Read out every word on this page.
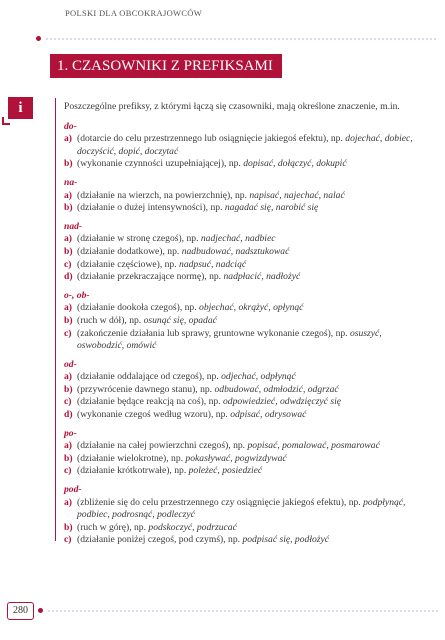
POLSKI DLA OBCOKRAJOWCÓW
1. CZASOWNIKI Z PREFIKSAMI
i	Poszczególne prefiksy, z którymi łączą się czasowniki, mają określone znaczenie, m.in.
do-
a) (dotarcie do celu przestrzennego lub osiągnięcie jakiegoś efektu), np. dojechać, dobiec, doczyścić, dopić, doczytać
b) (wykonanie czynności uzupełniającej), np. dopisać, dołączyć, dokupić
na-
a) (działanie na wierzch, na powierzchnię), np. napisać, najechać, nalać
b) (działanie o dużej intensywności), np. nagadać się, narobić się
nad-
a) (działanie w stronę czegoś), np. nadjechać, nadbiec
b) (działanie dodatkowe), np. nadbudować, nadsztukować
c) (działanie częściowe), np. nadpsuć, nadciąć
d) (działanie przekraczające normę), np. nadpłacić, nadłożyć
o-, ob-
a) (działanie dookoła czegoś), np. objechać, okrążyć, opłynąć
b) (ruch w dół), np. osunąć się, opadać
c) (zakończenie działania lub sprawy, gruntowne wykonanie czegoś), np. osuszyć, oswobodzić, omówić
od-
a) (działanie oddalające od czegoś), np. odjechać, odpłynąć
b) (przywrócenie dawnego stanu), np. odbudować, odmłodzić, odgrzać
c) (działanie będące reakcją na coś), np. odpowiedzieć, odwdzięczyć się
d) (wykonanie czegoś według wzoru), np. odpisać, odrysować
po-
a) (działanie na całej powierzchni czegoś), np. popisać, pomalować, posmarować
b) (działanie wielokrotne), np. pokasływać, pogwizdywać
c) (działanie krótkotrwałe), np. poleżeć, posiedzieć
pod-
a) (zbliżenie się do celu przestrzennego czy osiągnięcie jakiegoś efektu), np. podpłynąć, podbiec, podrosnąć, podleczyć
b) (ruch w górę), np. podskoczyć, podrzucać
c) (działanie poniżej czegoś, pod czymś), np. podpisać się, podłożyć
280
